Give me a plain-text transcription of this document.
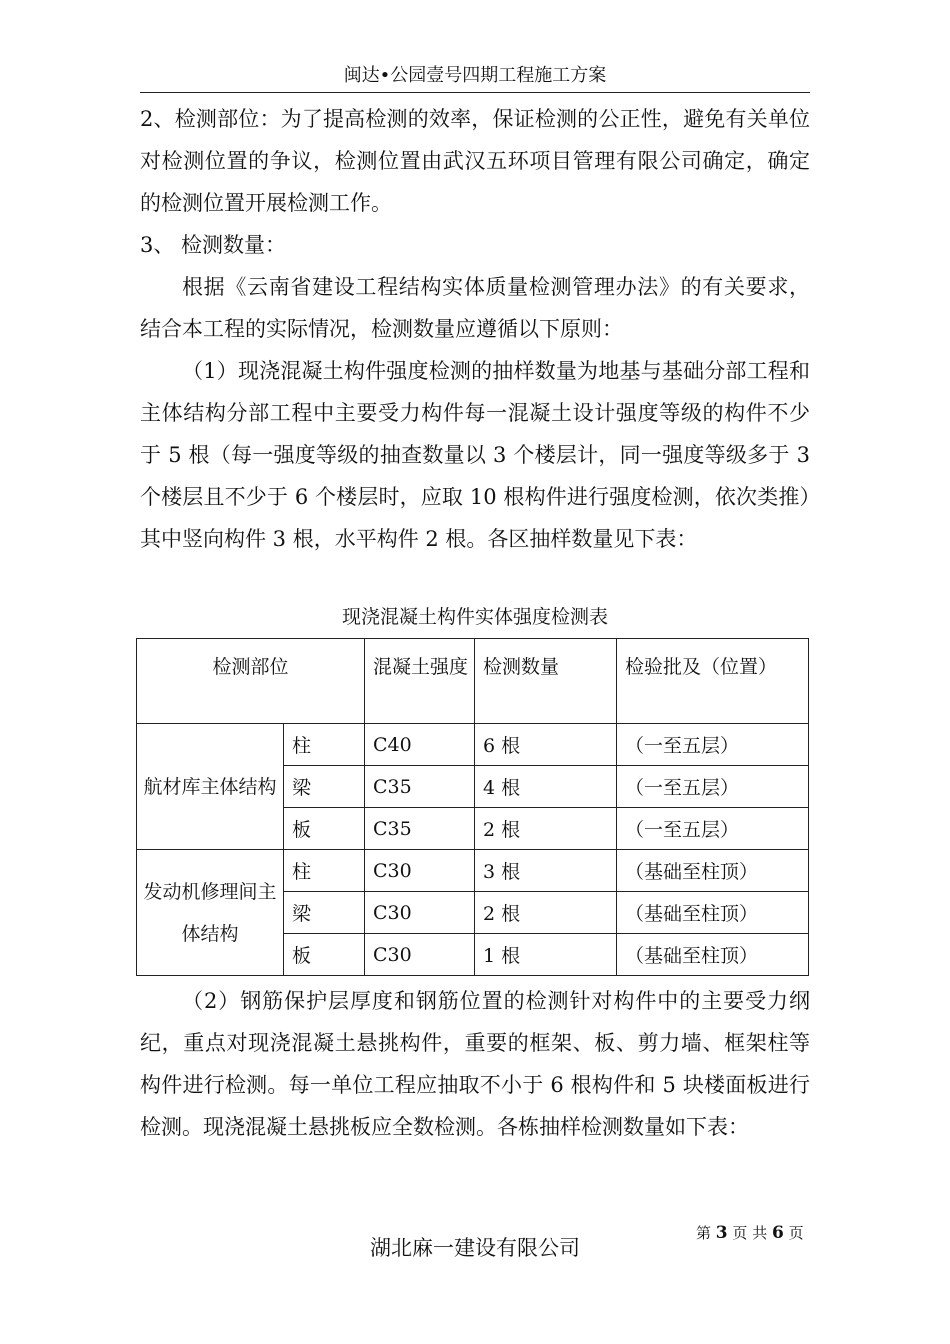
闽达•公园壹号四期工程施工方案

2、检测部位：为了提高检测的效率，保证检测的公正性，避免有关单位对检测位置的争议，检测位置由武汉五环项目管理有限公司确定，确定的检测位置开展检测工作。

3、 检测数量：

根据《云南省建设工程结构实体质量检测管理办法》的有关要求，结合本工程的实际情况，检测数量应遵循以下原则：

（1）现浇混凝土构件强度检测的抽样数量为地基与基础分部工程和主体结构分部工程中主要受力构件每一混凝土设计强度等级的构件不少于 5 根（每一强度等级的抽查数量以 3 个楼层计，同一强度等级多于 3 个楼层且不少于 6 个楼层时，应取 10 根构件进行强度检测，依次类推）其中竖向构件 3 根，水平构件 2 根。各区抽样数量见下表：

现浇混凝土构件实体强度检测表
检测部位		混凝土强度	检测数量	检验批及（位置）
航材库主体结构	柱	C40	6 根	（一至五层）
	梁	C35	4 根	（一至五层）
	板	C35	2 根	（一至五层）
发动机修理间主体结构	柱	C30	3 根	（基础至柱顶）
	梁	C30	2 根	（基础至柱顶）
	板	C30	1 根	（基础至柱顶）

（2）钢筋保护层厚度和钢筋位置的检测针对构件中的主要受力纲纪，重点对现浇混凝土悬挑构件，重要的框架、板、剪力墙、框架柱等构件进行检测。每一单位工程应抽取不小于 6 根构件和 5 块楼面板进行检测。现浇混凝土悬挑板应全数检测。各栋抽样检测数量如下表：

第 3 页 共 6 页
湖北麻一建设有限公司
